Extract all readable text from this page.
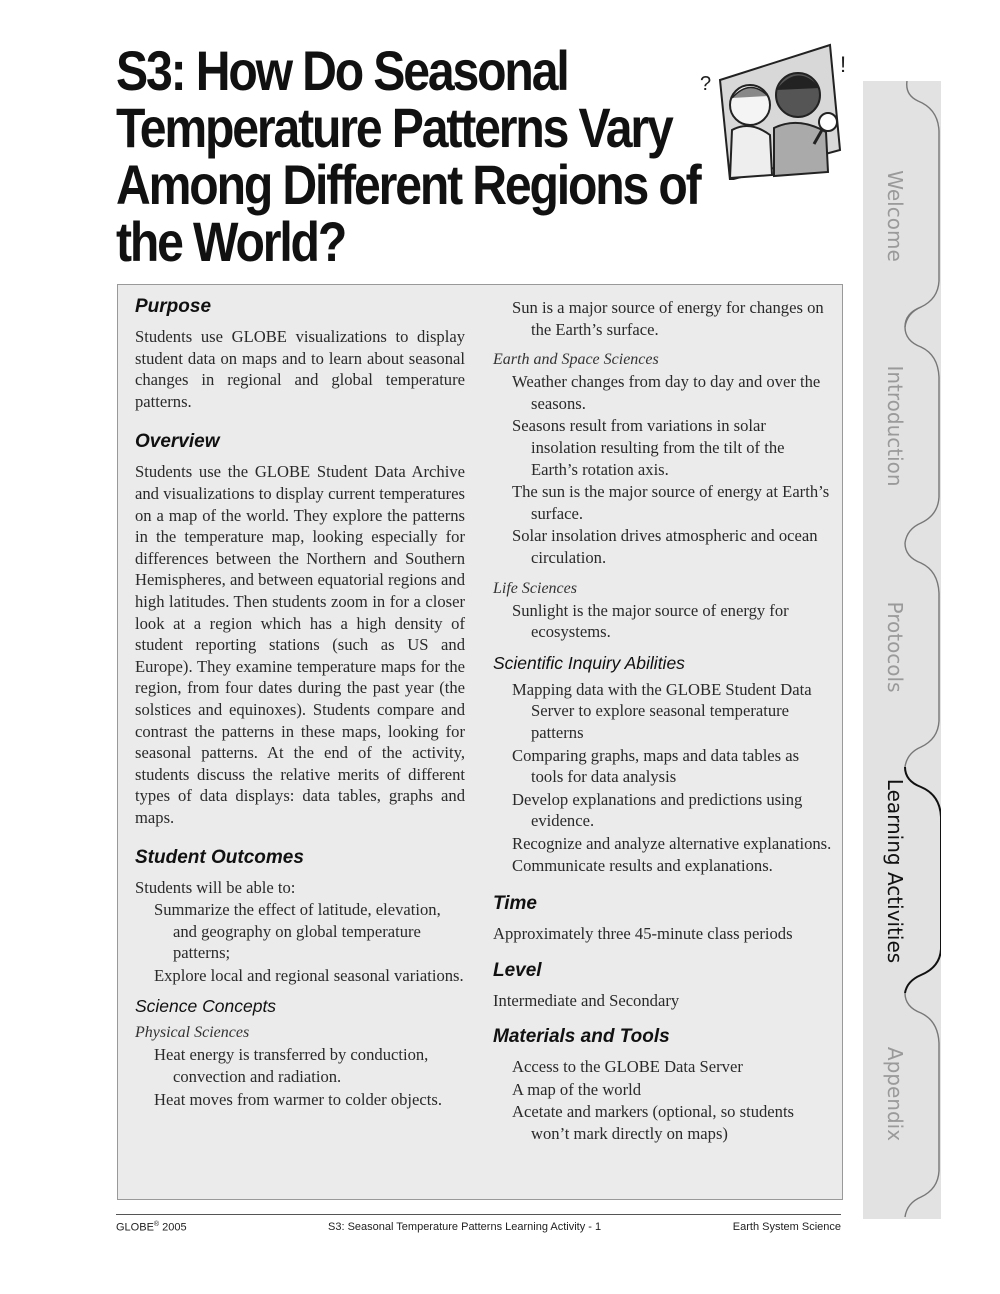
S3: How Do Seasonal Temperature Patterns Vary Among Different Regions of the World?
?
!
Purpose

Students use GLOBE visualizations to display student data on maps and to learn about seasonal changes in regional and global temperature patterns.

Overview

Students use the GLOBE Student Data Archive and visualizations to display current temperatures on a map of the world. They explore the patterns in the temperature map, looking especially for differences between the Northern and Southern Hemispheres, and between equatorial regions and high latitudes. Then students zoom in for a closer look at a region which has a high density of student reporting stations (such as US and Europe). They examine temperature maps for the region, from four dates during the past year (the solstices and equinoxes). Students compare and contrast the patterns in these maps, looking for seasonal patterns. At the end of the activity, students discuss the relative merits of different types of data displays: data tables, graphs and maps.

Student Outcomes

Students will be able to:

Summarize the effect of latitude, elevation, and geography on global temperature patterns;
Explore local and regional seasonal variations.
Science Concepts
Physical Sciences
Heat energy is transferred by conduction, convection and radiation.
Heat moves from warmer to colder objects.
Sun is a major source of energy for changes on the Earth’s surface.
Earth and Space Sciences
Weather changes from day to day and over the seasons.
Seasons result from variations in solar insolation resulting from the tilt of the Earth’s rotation axis.
The sun is the major source of energy at Earth’s surface.
Solar insolation drives atmospheric and ocean circulation.
Life Sciences
Sunlight is the major source of energy for ecosystems.
Scientific Inquiry Abilities
Mapping data with the GLOBE Student Data Server to explore seasonal temperature patterns
Comparing graphs, maps and data tables as tools for data analysis
Develop explanations and predictions using evidence.
Recognize and analyze alternative explanations.
Communicate results and explanations.
Time

Approximately three 45-minute class periods

Level

Intermediate and Secondary

Materials and Tools
Access to the GLOBE Data Server
A map of the world
Acetate and markers (optional, so students won’t mark directly on maps)
Welcome
Introduction
Protocols
Learning Activities
Appendix
GLOBE® 2005	S3: Seasonal Temperature Patterns Learning Activity - 1	Earth System Science
